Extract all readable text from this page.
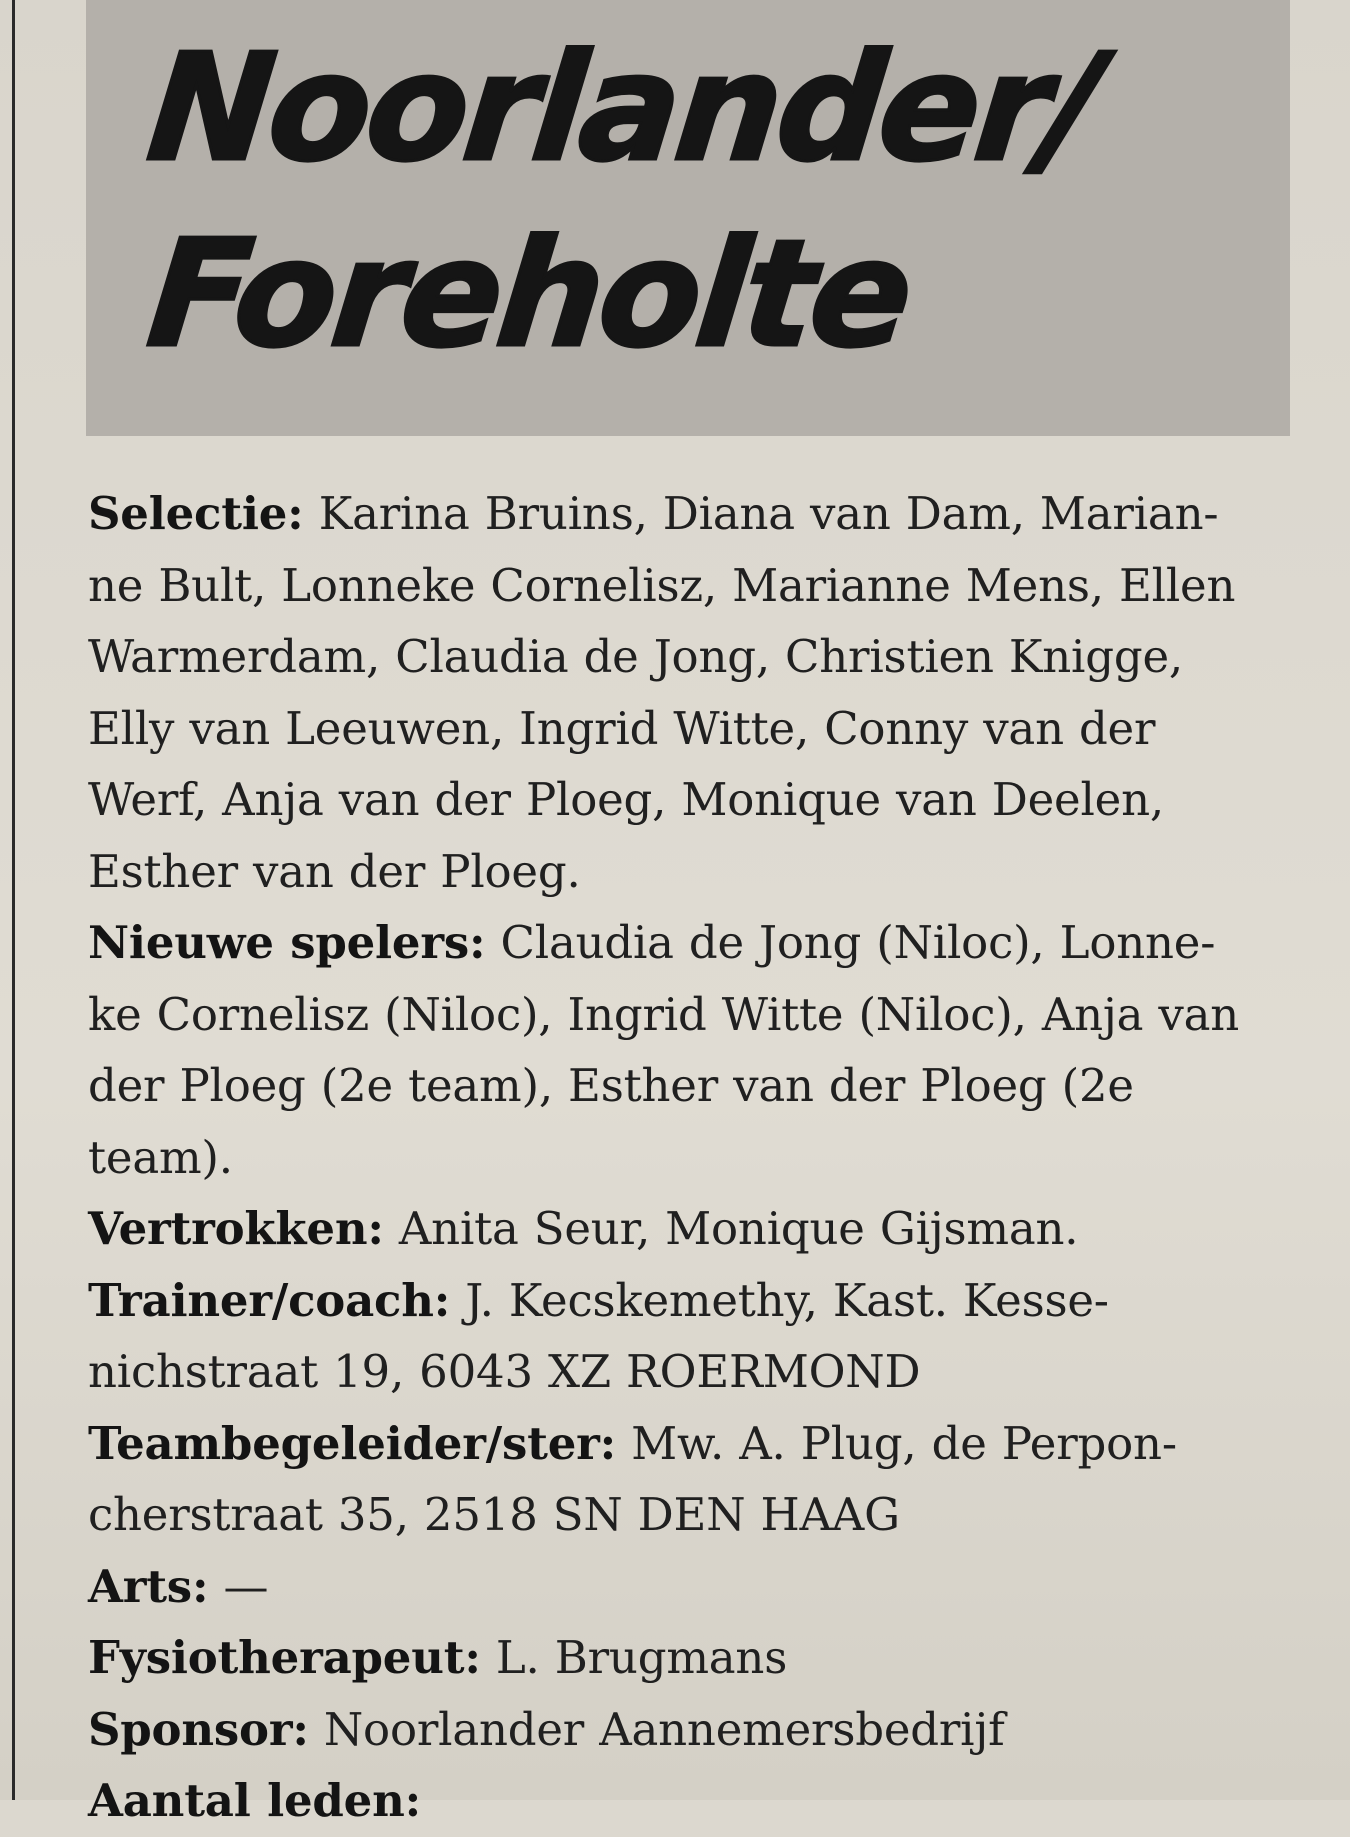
Noorlander/
Foreholte
Selectie: Karina Bruins, Diana van Dam, Marian-
ne Bult, Lonneke Cornelisz, Marianne Mens, Ellen
Warmerdam, Claudia de Jong, Christien Knigge,
Elly van Leeuwen, Ingrid Witte, Conny van der
Werf, Anja van der Ploeg, Monique van Deelen,
Esther van der Ploeg.
Nieuwe spelers: Claudia de Jong (Niloc), Lonne-
ke Cornelisz (Niloc), Ingrid Witte (Niloc), Anja van
der Ploeg (2e team), Esther van der Ploeg (2e
team).
Vertrokken: Anita Seur, Monique Gijsman.
Trainer/coach: J. Kecskemethy, Kast. Kesse-
nichstraat 19, 6043 XZ ROERMOND
Teambegeleider/ster: Mw. A. Plug, de Perpon-
cherstraat 35, 2518 SN DEN HAAG
Arts: —
Fysiotherapeut: L. Brugmans
Sponsor: Noorlander Aannemersbedrijf
Aantal leden:
